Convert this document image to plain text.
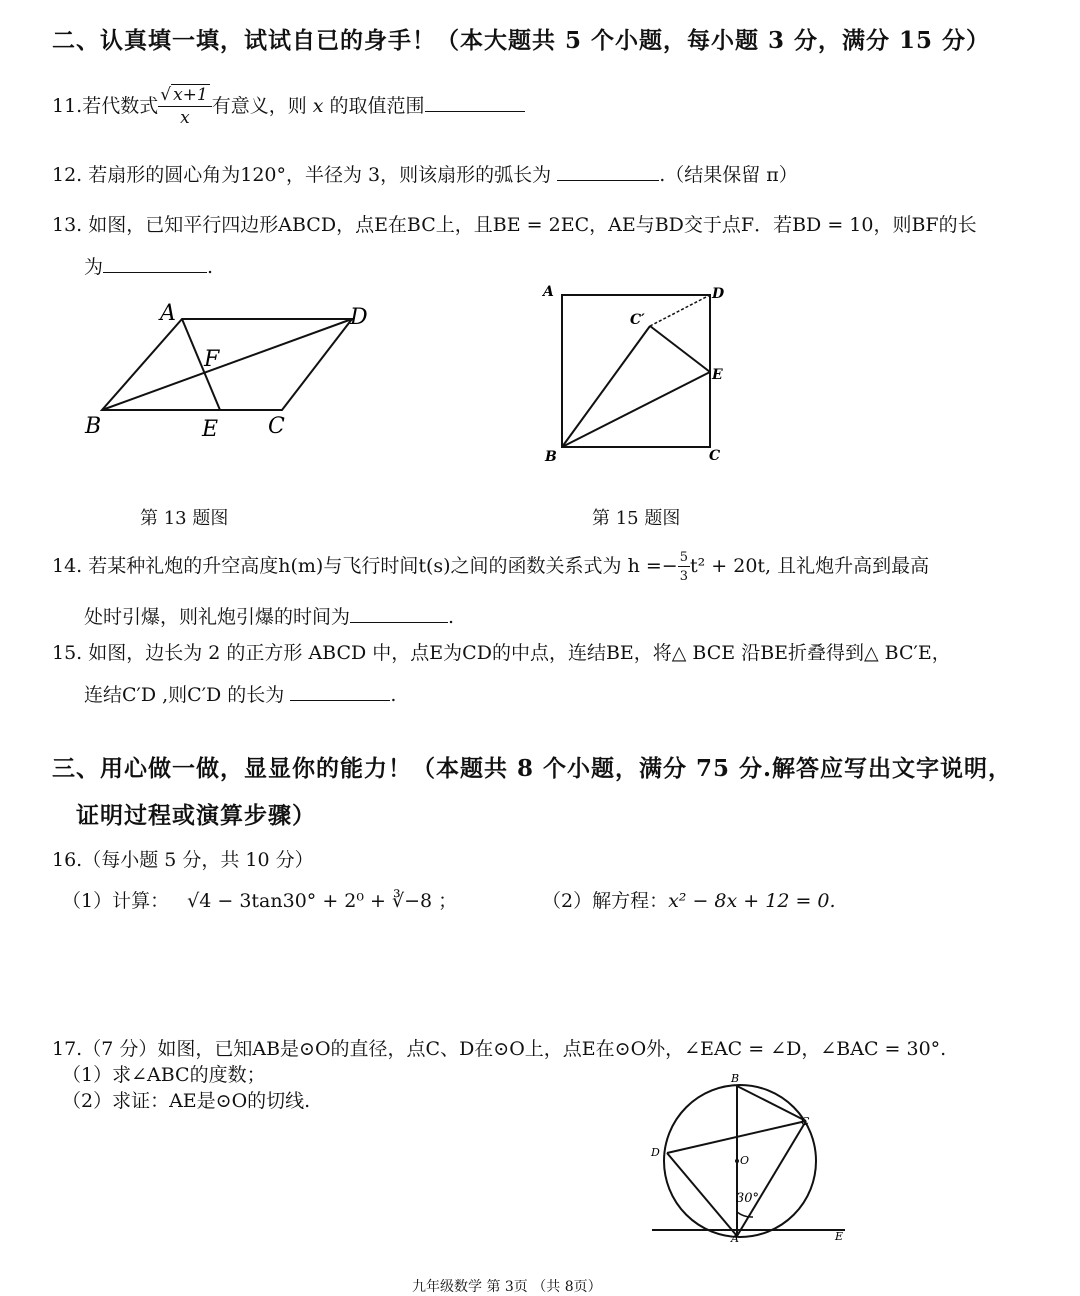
二、认真填一填，试试自已的身手！（本大题共 5 个小题，每小题 3 分，满分 15 分）
11.若代数式 $\frac{√ x+1}{x}$ 有意义，则 x 的取值范围
12. 若扇形的圆心角为120°，半径为 3，则该扇形的弧长为	.（结果保留 π）
13. 如图，已知平行四边形ABCD，点E在BC上，且BE = 2EC，AE与BD交于点F．若BD = 10，则BF的长
为	.
A	D
B	E C
F
第 13 题图
A	D
B	C
E
C′
第 15 题图
14. 若某种礼炮的升空高度h(m)与飞行时间t(s)之间的函数关系式为 $h =- \frac{5}{3} t^2 + 20t$, 且礼炮升高到最高
处时引爆，则礼炮引爆的时间为	.
15. 如图，边长为 2 的正方形 ABCD 中，点E为CD的中点，连结BE，将△ BCE 沿BE折叠得到△ BC′E，
连结C′D ,则C′D 的长为	.
三、用心做一做，显显你的能力！（本题共 8 个小题，满分 75 分.解答应写出文字说明，
证明过程或演算步骤）
16.（每小题 5 分，共 10 分）
（1）计算： √4 − 3tan30° + 2⁰ + ∛−8 ；	（2）解方程：x² − 8x + 12 = 0.
17.（7 分）如图，已知AB是⊙O的直径，点C、D在⊙O上，点E在⊙O外，∠EAC = ∠D，∠BAC = 30°.
（1）求∠ABC的度数；
（2）求证：AE是⊙O的切线.
B
C
D
O
A	E
30°
九年级数学 第 3页 （共 8页）
